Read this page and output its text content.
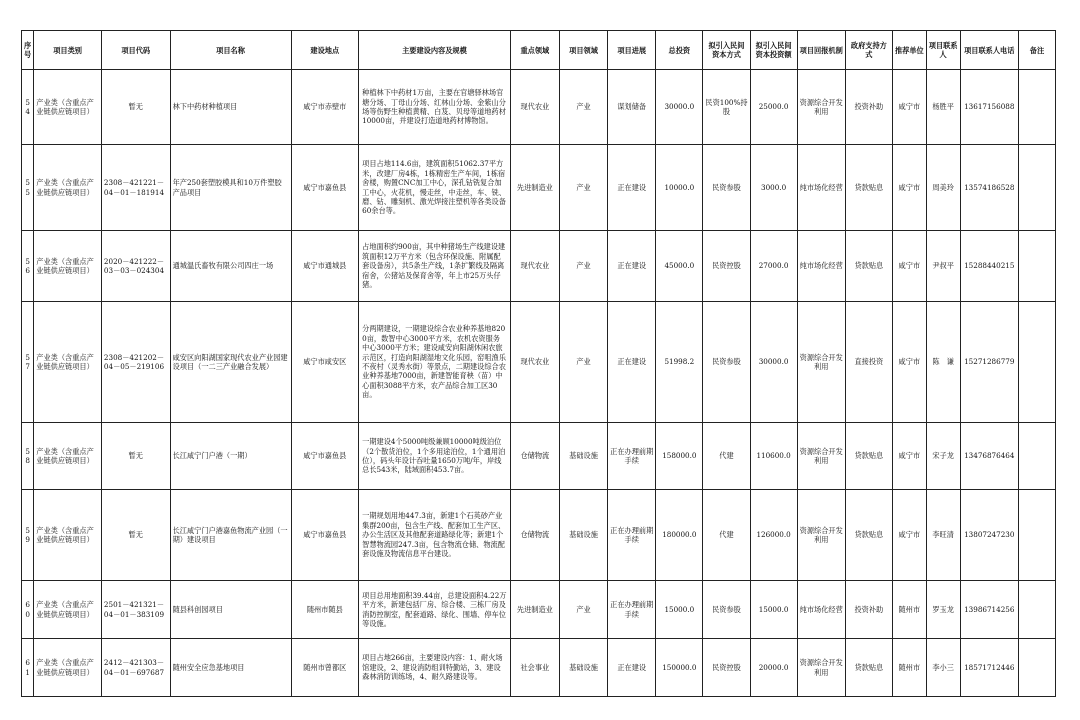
序号	项目类别	项目代码	项目名称	建设地点	主要建设内容及规模	重点领域	项目领域	项目进展	总投资	拟引入民间资本方式	拟引入民间资本投资额	项目回报机制	政府支持方式	推荐单位	项目联系人	项目联系人电话	备注
54	产业类（含重点产业链供应链项目）	暂无	林下中药材种植项目	咸宁市赤壁市	种植林下中药材1万亩，主要在官塘驿林场官塘分场、丁母山分场、红林山分场、金紫山分场等伤野生种植黄精、白芨、贝母等道地药材10000亩，并建设打造道地药材博物馆。	现代农业	产业	谋划储备	30000.0	民资100%持股	25000.0	资源综合开发利用	投资补助	咸宁市	杨胜平	13617156088	
55	产业类（含重点产业链供应链项目）	2308－421221－04－01－181914	年产250套塑胶模具和10万件塑胶产品项目	咸宁市嘉鱼县	项目占地114.6亩，建筑面积51062.37平方米，改建厂房4栋，1栋精密生产车间，1栋宿舍楼，购置CNC加工中心，深孔钻铣复合加工中心，火花机，慢走丝，中走丝，车、铣、磨、钻、雕刻机、激光焊接注塑机等各类设备60余台等。	先进制造业	产业	正在建设	10000.0	民资参股	3000.0	纯市场化经营	贷款贴息	咸宁市	周美玲	13574186528	
56	产业类（含重点产业链供应链项目）	2020－421222－03－03－024304	通城温氏畜牧有限公司四庄一场	咸宁市通城县	占地面积约900亩，其中种猪场生产线建设建筑面积12万平方米（包含环保设施、附属配套设备房），共5条生产线，1条扩繁线及隔离宿舍，公猪站及保育舍等，年上市25万头仔猪。	现代农业	产业	正在建设	45000.0	民资控股	27000.0	纯市场化经营	贷款贴息	咸宁市	尹叔平	15288440215	
57	产业类（含重点产业链供应链项目）	2308－421202－04－05－219106	咸安区向阳湖国家现代农业产业园建设项目（一二三产业融合发展）	咸宁市咸安区	分两期建设，一期建设综合农业种养基地8200亩，数智中心3000平方米，农机农资服务中心3000平方米；建设咸安向阳湖休闲农旅示范区，打造向阳湖湿地文化乐园，窑咀渔乐不夜村（灵秀水街）等景点，二期建设综合农业种养基地7000亩，新建智能育秧（苗）中心面积3088平方米，农产品综合加工区30亩。	现代农业	产业	正在建设	51998.2	民资参股	30000.0	资源综合开发利用	直接投资	咸宁市	陈　谦	15271286779	
58	产业类（含重点产业链供应链项目）	暂无	长江咸宁门户港（一期）	咸宁市嘉鱼县	一期建设4个5000吨级兼顾10000吨级泊位（2个散货泊位，1个多用途泊位，1个通用泊位），码头年设计吞吐量1650万吨/年，岸线总长543米，陆域面积453.7亩。	仓储物流	基础设施	正在办理前期手续	158000.0	代建	110600.0	资源综合开发利用	贷款贴息	咸宁市	宋子龙	13476876464	
59	产业类（含重点产业链供应链项目）	暂无	长江咸宁门户港嘉鱼物流产业园（一期）建设项目	咸宁市嘉鱼县	一期规划用地447.3亩，新建1个石英砂产业集群200亩，包含生产线、配套加工生产区、办公生活区及其他配套道路绿化等；新建1个智慧物流园247.3亩，包含物流仓储、物流配套设施及物流信息平台建设。	仓储物流	基础设施	正在办理前期手续	180000.0	代建	126000.0	资源综合开发利用	贷款贴息	咸宁市	李旺清	13807247230	
60	产业类（含重点产业链供应链项目）	2501－421321－04－01－383109	随县科创园项目	随州市随县	项目总用地面积39.44亩，总建设面积4.22万平方米，新建包括厂房、综合楼、三栋厂房及消防控制室，配套道路、绿化、围墙、停车位等设施。	先进制造业	产业	正在办理前期手续	15000.0	民资参股	15000.0	纯市场化经营	投资补助	随州市	罗玉龙	13986714256	
61	产业类（含重点产业链供应链项目）	2412－421303－04－01－697687	随州安全应急基地项目	随州市曾都区	项目占地266亩，主要建设内容：1、耐火场馆建设，2、建设消防组训特勤站，3、建设森林消防训练场，4、耐久路建设等。	社会事业	基础设施	正在建设	150000.0	民资控股	20000.0	资源综合开发利用	贷款贴息	随州市	李小三	18571712446	
